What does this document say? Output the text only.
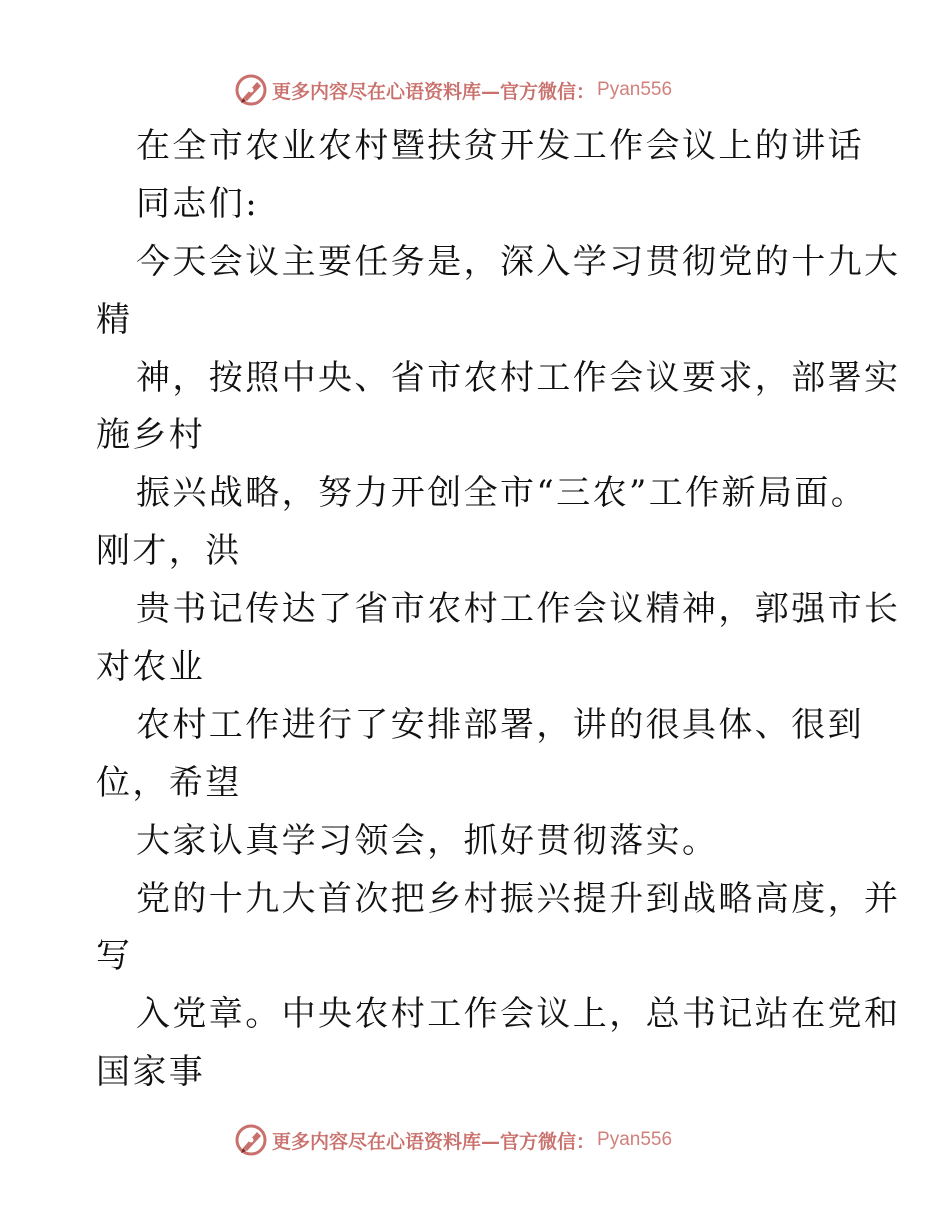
更多内容尽在心语资料库—官方微信： Pyan556
在全市农业农村暨扶贫开发工作会议上的讲话
同志们:
今天会议主要任务是，深入学习贯彻党的十九大
精
神，按照中央、省市农村工作会议要求，部署实
施乡村
振兴战略，努力开创全市“三农”工作新局面。
刚才，洪
贵书记传达了省市农村工作会议精神，郭强市长
对农业
农村工作进行了安排部署，讲的很具体、很到
位，希望
大家认真学习领会，抓好贯彻落实。
党的十九大首次把乡村振兴提升到战略高度，并
写
入党章。中央农村工作会议上，总书记站在党和
国家事
更多内容尽在心语资料库—官方微信： Pyan556
